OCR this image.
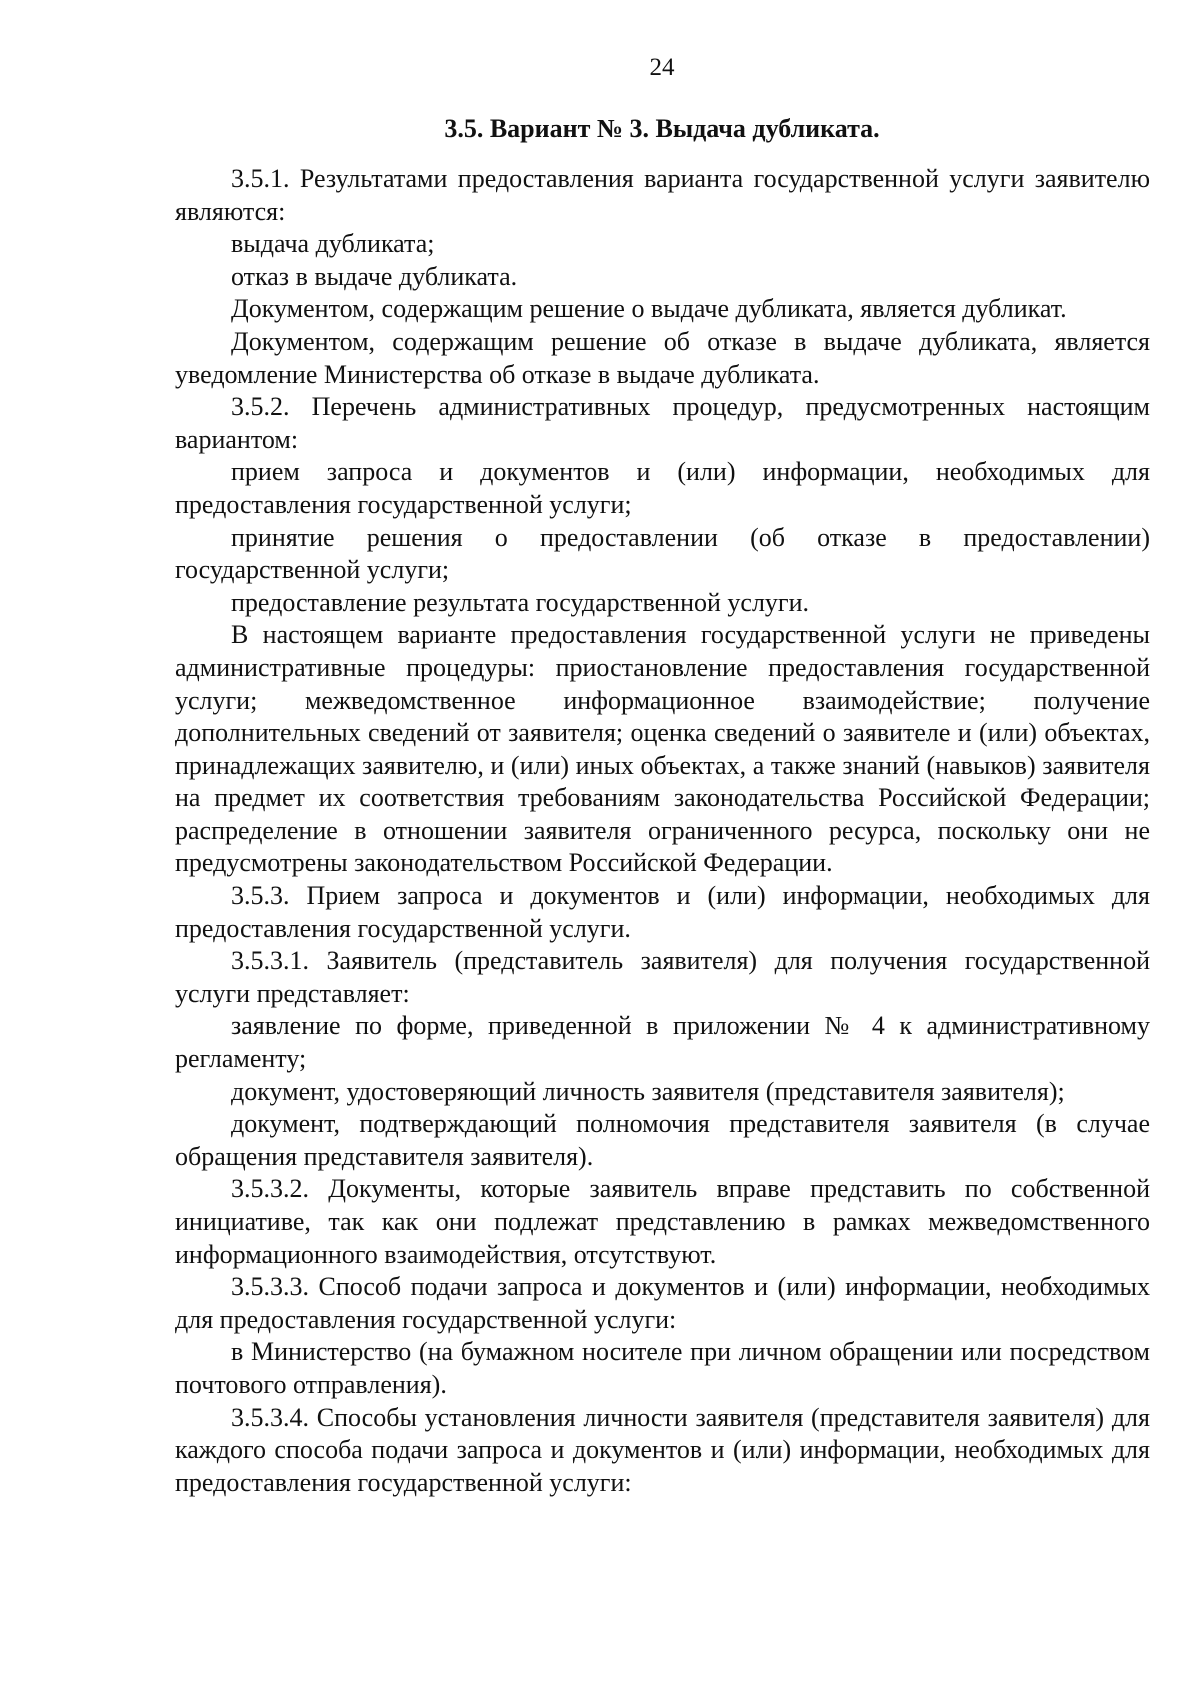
24
3.5. Вариант № 3. Выдача дубликата.

3.5.1. Результатами предоставления варианта государственной услуги заявителю являются:

выдача дубликата;

отказ в выдаче дубликата.

Документом, содержащим решение о выдаче дубликата, является дубликат.

Документом, содержащим решение об отказе в выдаче дубликата, является уведомление Министерства об отказе в выдаче дубликата.

3.5.2. Перечень административных процедур, предусмотренных настоящим вариантом:

прием запроса и документов и (или) информации, необходимых для предоставления государственной услуги;

принятие решения о предоставлении (об отказе в предоставлении) государственной услуги;

предоставление результата государственной услуги.

В настоящем варианте предоставления государственной услуги не приведены административные процедуры: приостановление предоставления государственной услуги; межведомственное информационное взаимодействие; получение дополнительных сведений от заявителя; оценка сведений о заявителе и (или) объектах, принадлежащих заявителю, и (или) иных объектах, а также знаний (навыков) заявителя на предмет их соответствия требованиям законодательства Российской Федерации; распределение в отношении заявителя ограниченного ресурса, поскольку они не предусмотрены законодательством Российской Федерации.

3.5.3. Прием запроса и документов и (или) информации, необходимых для предоставления государственной услуги.

3.5.3.1. Заявитель (представитель заявителя) для получения государственной услуги представляет:

заявление по форме, приведенной в приложении № 4 к административному регламенту;

документ, удостоверяющий личность заявителя (представителя заявителя);

документ, подтверждающий полномочия представителя заявителя (в случае обращения представителя заявителя).

3.5.3.2. Документы, которые заявитель вправе представить по собственной инициативе, так как они подлежат представлению в рамках межведомственного информационного взаимодействия, отсутствуют.

3.5.3.3. Способ подачи запроса и документов и (или) информации, необходимых для предоставления государственной услуги:

в Министерство (на бумажном носителе при личном обращении или посредством почтового отправления).

3.5.3.4. Способы установления личности заявителя (представителя заявителя) для каждого способа подачи запроса и документов и (или) информации, необходимых для предоставления государственной услуги:
